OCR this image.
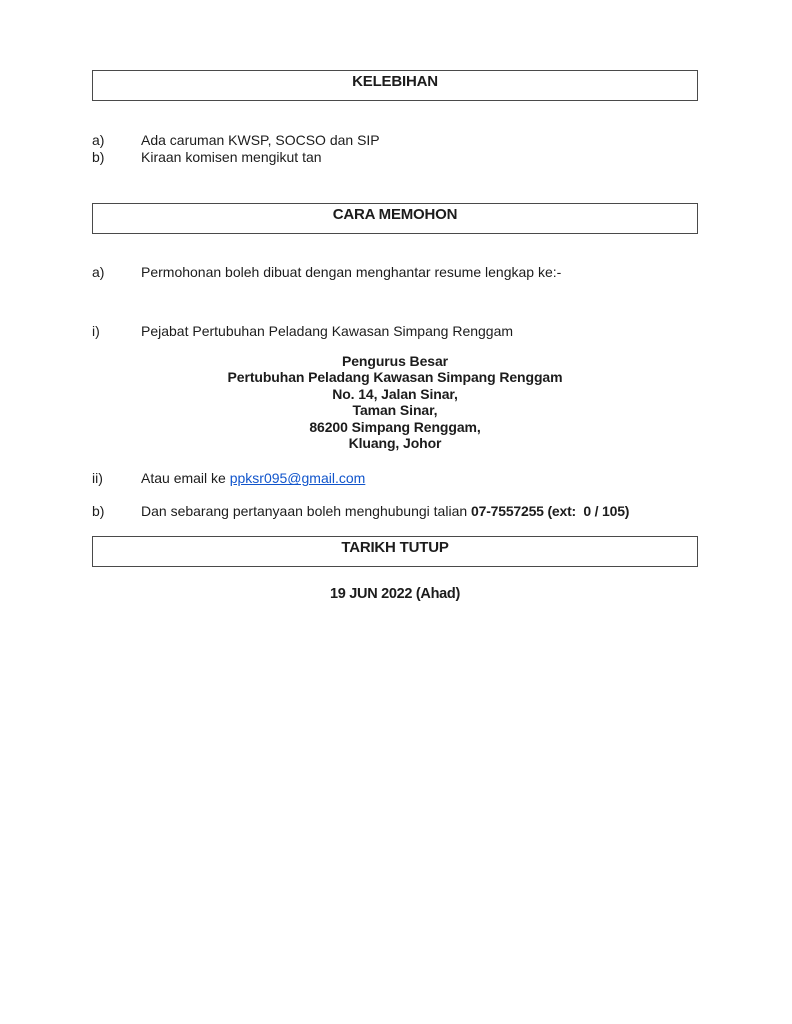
KELEBIHAN
a)	Ada caruman KWSP, SOCSO dan SIP
b)	Kiraan komisen mengikut tan
CARA MEMOHON
a)	Permohonan boleh dibuat dengan menghantar resume lengkap ke:-
i)	Pejabat Pertubuhan Peladang Kawasan Simpang Renggam
Pengurus Besar
Pertubuhan Peladang Kawasan Simpang Renggam
No. 14, Jalan Sinar,
Taman Sinar,
86200 Simpang Renggam,
Kluang, Johor
ii)	Atau email ke ppksr095@gmail.com
b)	Dan sebarang pertanyaan boleh menghubungi talian 07-7557255 (ext:  0 / 105)
TARIKH TUTUP
19 JUN 2022 (Ahad)
